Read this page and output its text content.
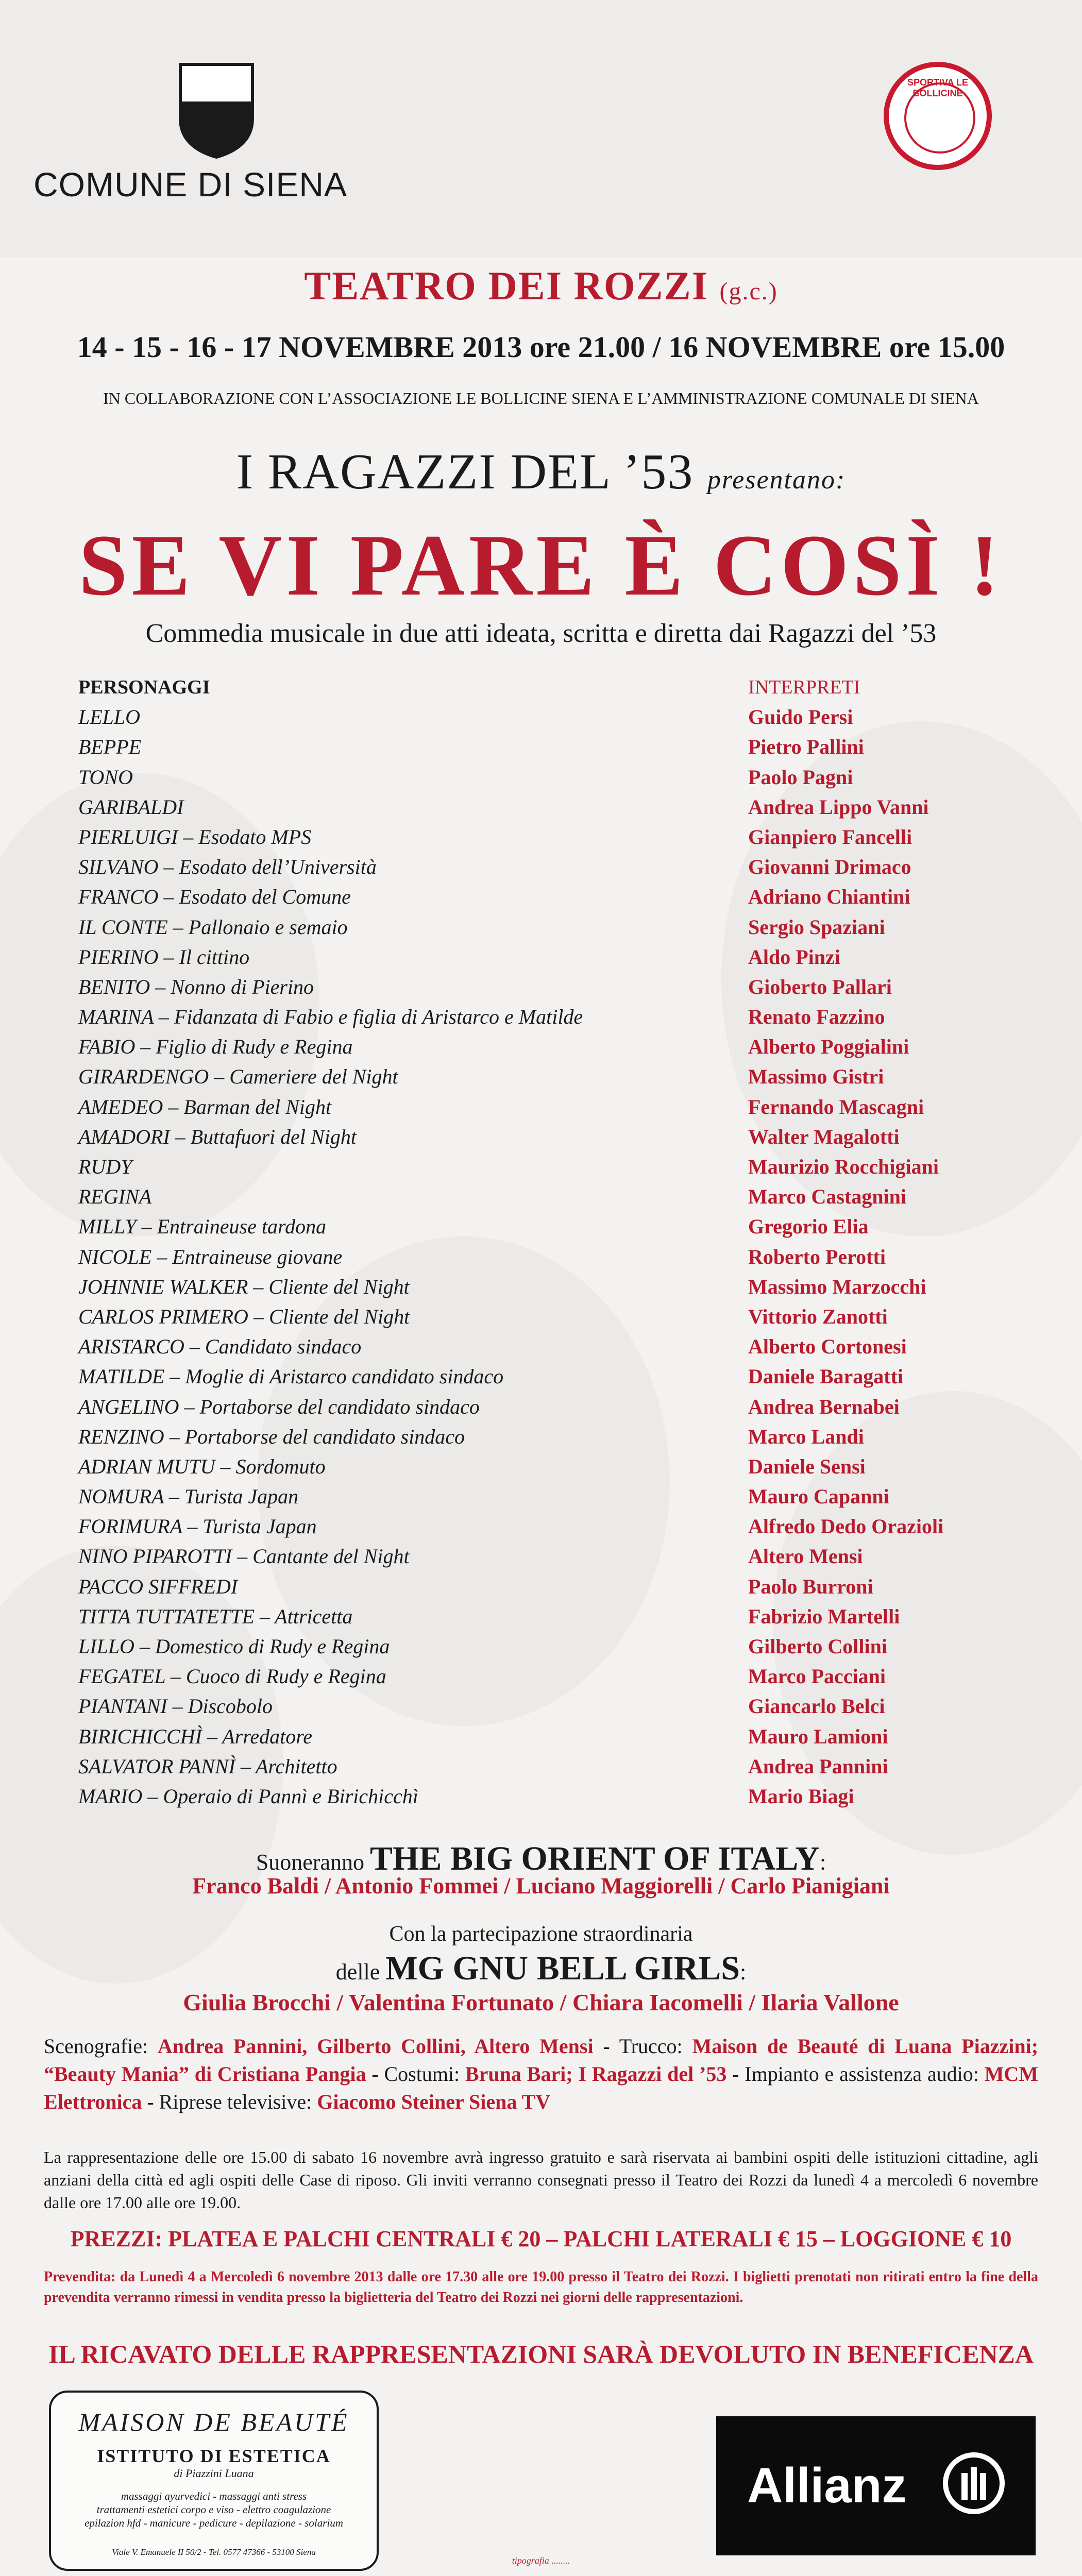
COMUNE DI SIENA
SPORTIVA LE BOLLICINE
TEATRO DEI ROZZI (g.c.)
14 - 15 - 16 - 17 NOVEMBRE 2013 ore 21.00 / 16 NOVEMBRE ore 15.00
IN COLLABORAZIONE CON L’ASSOCIAZIONE LE BOLLICINE SIENA E L’AMMINISTRAZIONE COMUNALE DI SIENA
I RAGAZZI DEL ’53 presentano:
SE VI PARE È COSÌ !
Commedia musicale in due atti ideata, scritta e diretta dai Ragazzi del ’53
PERSONAGGI
LELLO
BEPPE
TONO
GARIBALDI
PIERLUIGI – Esodato MPS
SILVANO – Esodato dell’Università
FRANCO – Esodato del Comune
IL CONTE – Pallonaio e semaio
PIERINO – Il cittino
BENITO – Nonno di Pierino
MARINA – Fidanzata di Fabio e figlia di Aristarco e Matilde
FABIO – Figlio di Rudy e Regina
GIRARDENGO – Cameriere del Night
AMEDEO – Barman del Night
AMADORI – Buttafuori del Night
RUDY
REGINA
MILLY – Entraineuse tardona
NICOLE – Entraineuse giovane
JOHNNIE WALKER – Cliente del Night
CARLOS PRIMERO – Cliente del Night
ARISTARCO – Candidato sindaco
MATILDE – Moglie di Aristarco candidato sindaco
ANGELINO – Portaborse del candidato sindaco
RENZINO – Portaborse del candidato sindaco
ADRIAN MUTU – Sordomuto
NOMURA – Turista Japan
FORIMURA – Turista Japan
NINO PIPAROTTI – Cantante del Night
PACCO SIFFREDI
TITTA TUTTATETTE – Attricetta
LILLO – Domestico di Rudy e Regina
FEGATEL – Cuoco di Rudy e Regina
PIANTANI – Discobolo
BIRICHICCHÌ – Arredatore
SALVATOR PANNÌ – Architetto
MARIO – Operaio di Pannì e Birichicchì
INTERPRETI
Guido Persi
Pietro Pallini
Paolo Pagni
Andrea Lippo Vanni
Gianpiero Fancelli
Giovanni Drimaco
Adriano Chiantini
Sergio Spaziani
Aldo Pinzi
Gioberto Pallari
Renato Fazzino
Alberto Poggialini
Massimo Gistri
Fernando Mascagni
Walter Magalotti
Maurizio Rocchigiani
Marco Castagnini
Gregorio Elia
Roberto Perotti
Massimo Marzocchi
Vittorio Zanotti
Alberto Cortonesi
Daniele Baragatti
Andrea Bernabei
Marco Landi
Daniele Sensi
Mauro Capanni
Alfredo Dedo Orazioli
Altero Mensi
Paolo Burroni
Fabrizio Martelli
Gilberto Collini
Marco Pacciani
Giancarlo Belci
Mauro Lamioni
Andrea Pannini
Mario Biagi
Suoneranno THE BIG ORIENT OF ITALY:
Franco Baldi / Antonio Fommei / Luciano Maggiorelli / Carlo Pianigiani
Con la partecipazione straordinaria
delle MG GNU BELL GIRLS:
Giulia Brocchi / Valentina Fortunato / Chiara Iacomelli / Ilaria Vallone
Scenografie: Andrea Pannini, Gilberto Collini, Altero Mensi - Trucco: Maison de Beauté di Luana Piazzini; “Beauty Mania” di Cristiana Pangia - Costumi: Bruna Bari; I Ragazzi del ’53 - Impianto e assistenza audio: MCM Elettronica - Riprese televisive: Giacomo Steiner Siena TV
La rappresentazione delle ore 15.00 di sabato 16 novembre avrà ingresso gratuito e sarà riservata ai bambini ospiti delle istituzioni cittadine, agli anziani della città ed agli ospiti delle Case di riposo. Gli inviti verranno consegnati presso il Teatro dei Rozzi da lunedì 4 a mercoledì 6 novembre dalle ore 17.00 alle ore 19.00.
PREZZI: PLATEA E PALCHI CENTRALI € 20 – PALCHI LATERALI € 15 – LOGGIONE € 10
Prevendita: da Lunedì 4 a Mercoledì 6 novembre 2013 dalle ore 17.30 alle ore 19.00 presso il Teatro dei Rozzi. I biglietti prenotati non ritirati entro la fine della prevendita verranno rimessi in vendita presso la biglietteria del Teatro dei Rozzi nei giorni delle rappresentazioni.
IL RICAVATO DELLE RAPPRESENTAZIONI SARÀ DEVOLUTO IN BENEFICENZA
MAISON DE BEAUTÉ
ISTITUTO DI ESTETICA
di Piazzini Luana
massaggi ayurvedici - massaggi anti stress
trattamenti estetici corpo e viso - elettro coagulazione
epilazion hfd - manicure - pedicure - depilazione - solarium
Viale V. Emanuele II 50/2 - Tel. 0577 47366 - 53100 Siena
Allianz
tipografia ........
